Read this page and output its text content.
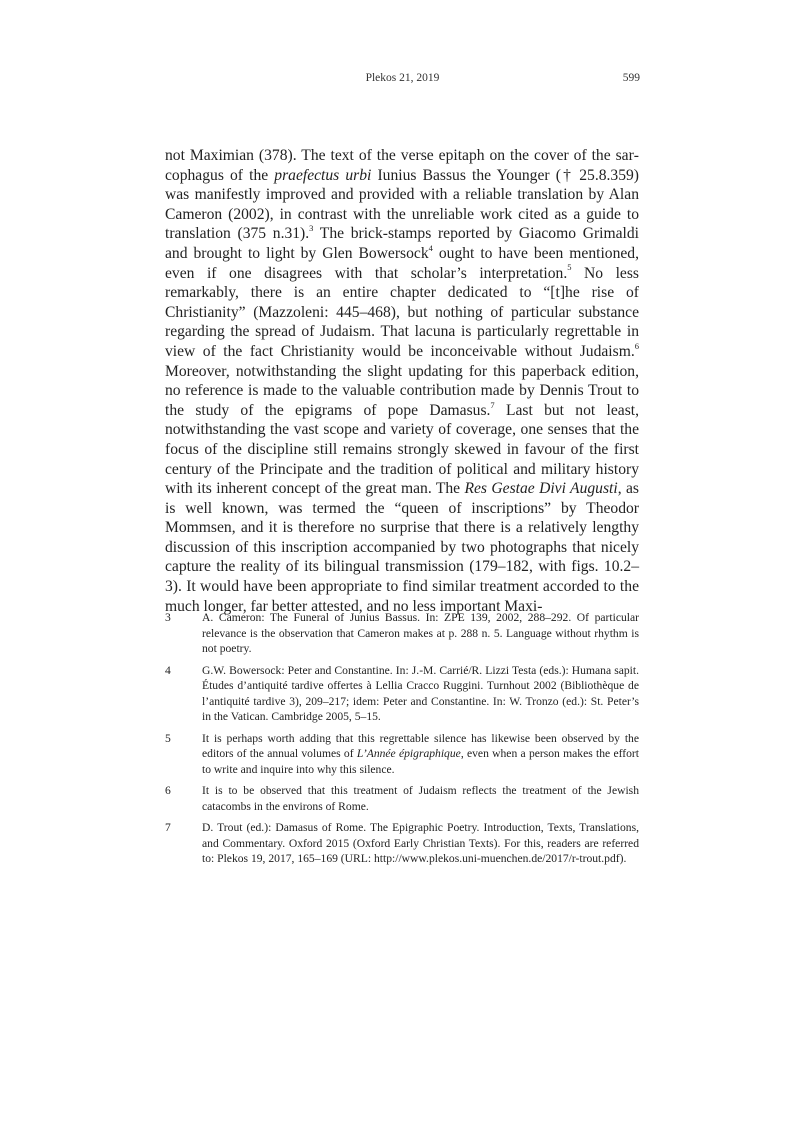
Plekos 21, 2019	599

not Maximian (378). The text of the verse epitaph on the cover of the sarcophagus of the praefectus urbi Iunius Bassus the Younger († 25.8.359) was manifestly improved and provided with a reliable translation by Alan Cameron (2002), in contrast with the unreliable work cited as a guide to translation (375 n.31).$^3$ The brick-stamps reported by Giacomo Grimaldi and brought to light by Glen Bowersock$^4$ ought to have been mentioned, even if one disagrees with that scholar’s interpretation.$^5$ No less remarkably, there is an entire chapter dedicated to “[t]he rise of Christianity” (Mazzoleni: 445–468), but nothing of particular substance regarding the spread of Judaism. That lacuna is particularly regrettable in view of the fact Christianity would be inconceivable without Judaism.$^6$ Moreover, notwithstanding the slight updating for this paperback edition, no reference is made to the valuable contribution made by Dennis Trout to the study of the epigrams of pope Damasus.$^7$ Last but not least, notwithstanding the vast scope and variety of coverage, one senses that the focus of the discipline still remains strongly skewed in favour of the first century of the Principate and the tradition of political and military history with its inherent concept of the great man. The Res Gestae Divi Augusti, as is well known, was termed the “queen of inscriptions” by Theodor Mommsen, and it is therefore no surprise that there is a relatively lengthy discussion of this inscription accompanied by two photographs that nicely capture the reality of its bilingual transmission (179–182, with figs. 10.2–3). It would have been appropriate to find similar treatment accorded to the much longer, far better attested, and no less important Maxi-

3	A. Cameron: The Funeral of Junius Bassus. In: ZPE 139, 2002, 288–292. Of particular relevance is the observation that Cameron makes at p. 288 n. 5. Language without rhythm is not poetry.
4	G.W. Bowersock: Peter and Constantine. In: J.-M. Carrié/R. Lizzi Testa (eds.): Humana sapit. Études d’antiquité tardive offertes à Lellia Cracco Ruggini. Turnhout 2002 (Bibliothèque de l’antiquité tardive 3), 209–217; idem: Peter and Constantine. In: W. Tronzo (ed.): St. Peter’s in the Vatican. Cambridge 2005, 5–15.
5	It is perhaps worth adding that this regrettable silence has likewise been observed by the editors of the annual volumes of L’Année épigraphique, even when a person makes the effort to write and inquire into why this silence.
6	It is to be observed that this treatment of Judaism reflects the treatment of the Jewish catacombs in the environs of Rome.
7	D. Trout (ed.): Damasus of Rome. The Epigraphic Poetry. Introduction, Texts, Translations, and Commentary. Oxford 2015 (Oxford Early Christian Texts). For this, readers are referred to: Plekos 19, 2017, 165–169 (URL: http://www.plekos.uni-muenchen.de/2017/r-trout.pdf).
